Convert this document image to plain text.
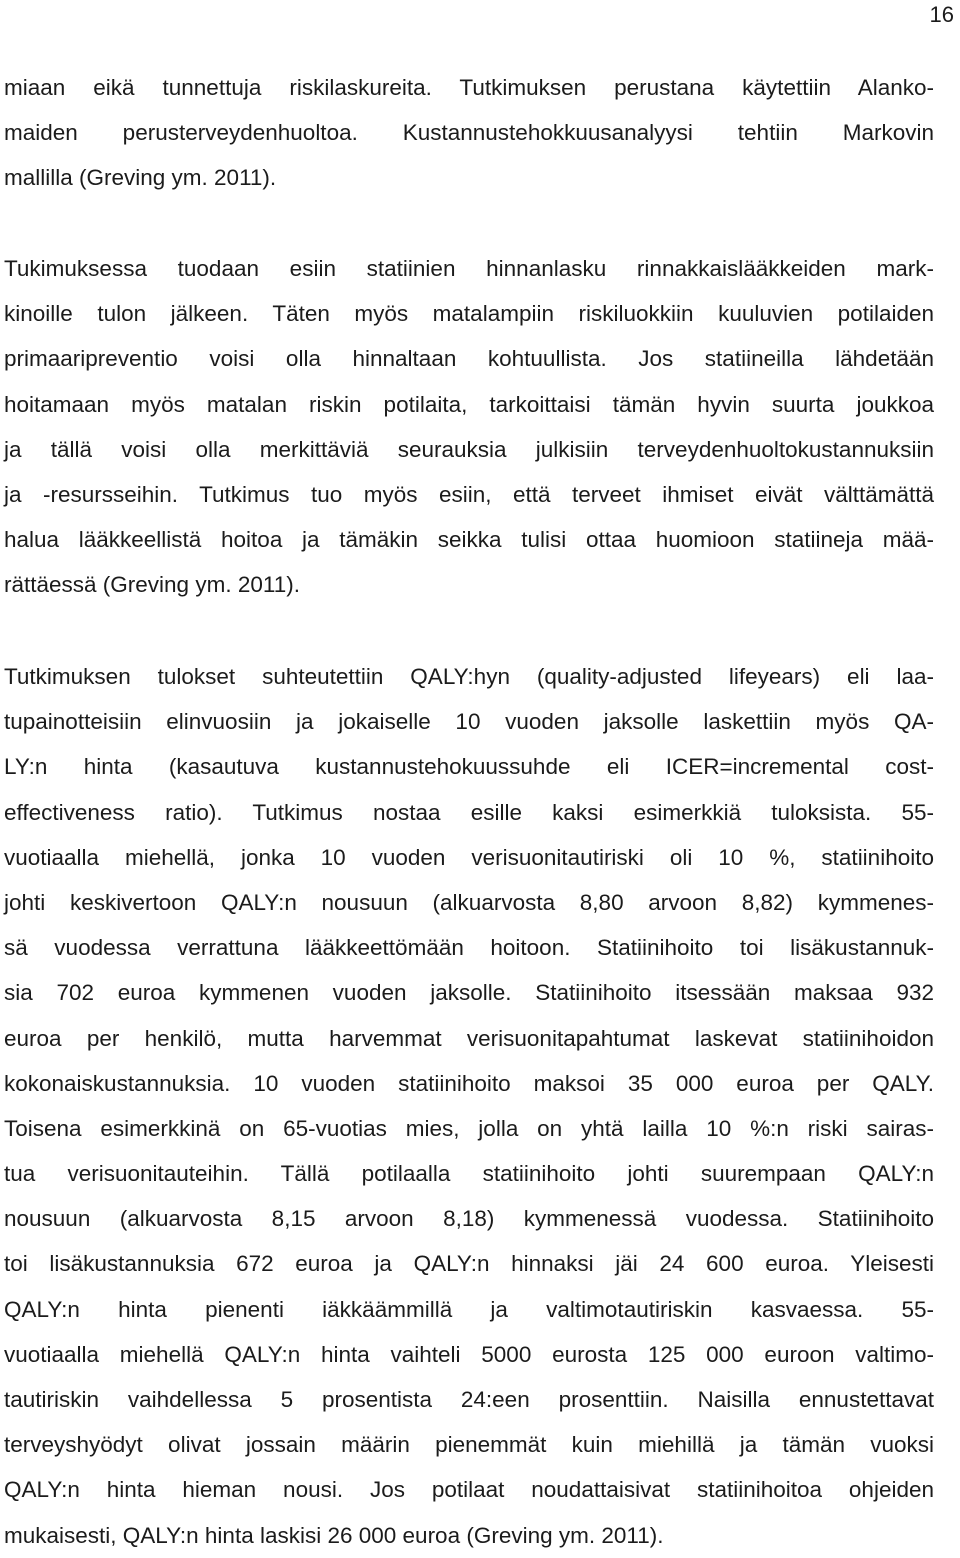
16
miaan eikä tunnettuja riskilaskureita. Tutkimuksen perustana käytettiin Alanko-
maiden perusterveydenhuoltoa. Kustannustehokkuusanalyysi tehtiin Markovin
mallilla (Greving ym. 2011).
Tukimuksessa tuodaan esiin statiinien hinnanlasku rinnakkaislääkkeiden mark-
kinoille tulon jälkeen. Täten myös matalampiin riskiluokkiin kuuluvien potilaiden
primaaripreventio voisi olla hinnaltaan kohtuullista. Jos statiineilla lähdetään
hoitamaan myös matalan riskin potilaita, tarkoittaisi tämän hyvin suurta joukkoa
ja tällä voisi olla merkittäviä seurauksia julkisiin terveydenhuoltokustannuksiin
ja -resursseihin. Tutkimus tuo myös esiin, että terveet ihmiset eivät välttämättä
halua lääkkeellistä hoitoa ja tämäkin seikka tulisi ottaa huomioon statiineja mää-
rättäessä (Greving ym. 2011).
Tutkimuksen tulokset suhteutettiin QALY:hyn (quality-adjusted lifeyears) eli laa-
tupainotteisiin elinvuosiin ja jokaiselle 10 vuoden jaksolle laskettiin myös QA-
LY:n hinta (kasautuva kustannustehokuussuhde eli ICER=incremental cost-
effectiveness ratio). Tutkimus nostaa esille kaksi esimerkkiä tuloksista. 55-
vuotiaalla miehellä, jonka 10 vuoden verisuonitautiriski oli 10 %, statiinihoito
johti keskivertoon QALY:n nousuun (alkuarvosta 8,80 arvoon 8,82) kymmenes-
sä vuodessa verrattuna lääkkeettömään hoitoon. Statiinihoito toi lisäkustannuk-
sia 702 euroa kymmenen vuoden jaksolle. Statiinihoito itsessään maksaa 932
euroa per henkilö, mutta harvemmat verisuonitapahtumat laskevat statiinihoidon
kokonaiskustannuksia. 10 vuoden statiinihoito maksoi 35 000 euroa per QALY.
Toisena esimerkkinä on 65-vuotias mies, jolla on yhtä lailla 10 %:n riski sairas-
tua verisuonitauteihin. Tällä potilaalla statiinihoito johti suurempaan QALY:n
nousuun (alkuarvosta 8,15 arvoon 8,18) kymmenessä vuodessa. Statiinihoito
toi lisäkustannuksia 672 euroa ja QALY:n hinnaksi jäi 24 600 euroa. Yleisesti
QALY:n hinta pienenti iäkkäämmillä ja valtimotautiriskin kasvaessa. 55-
vuotiaalla miehellä QALY:n hinta vaihteli 5000 eurosta 125 000 euroon valtimo-
tautiriskin vaihdellessa 5 prosentista 24:een prosenttiin. Naisilla ennustettavat
terveyshyödyt olivat jossain määrin pienemmät kuin miehillä ja tämän vuoksi
QALY:n hinta hieman nousi. Jos potilaat noudattaisivat statiinihoitoa ohjeiden
mukaisesti, QALY:n hinta laskisi 26 000 euroa (Greving ym. 2011).
